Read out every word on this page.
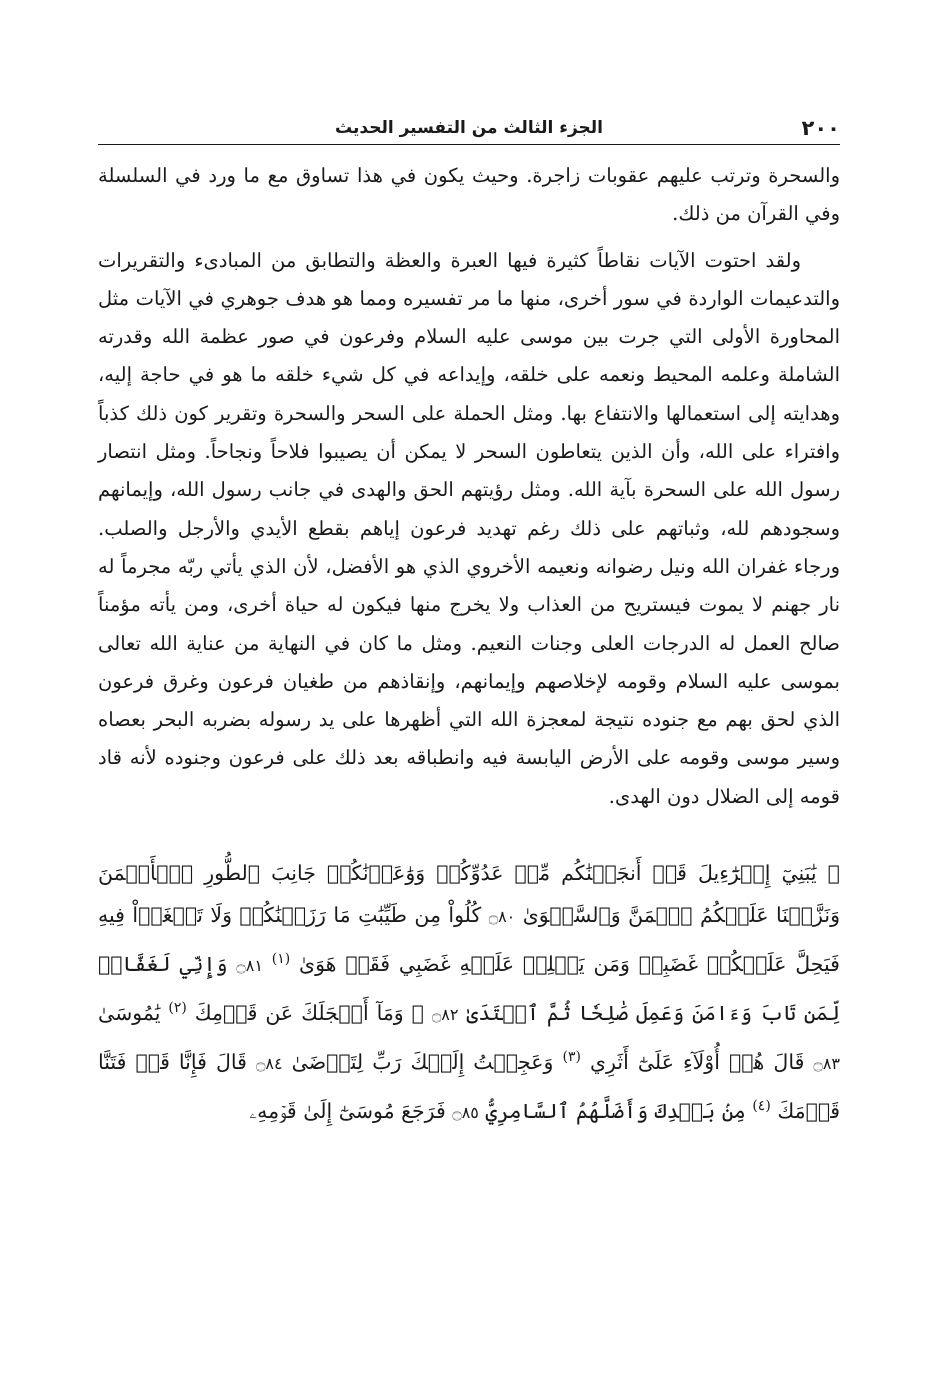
٢٠٠
الجزء الثالث من التفسير الحديث

والسحرة وترتب عليهم عقوبات زاجرة. وحيث يكون في هذا تساوق مع ما ورد في السلسلة وفي القرآن من ذلك.

ولقد احتوت الآيات نقاطاً كثيرة فيها العبرة والعظة والتطابق من المبادىء والتقريرات والتدعيمات الواردة في سور أخرى، منها ما مر تفسيره ومما هو هدف جوهري في الآيات مثل المحاورة الأولى التي جرت بين موسى عليه السلام وفرعون في صور عظمة الله وقدرته الشاملة وعلمه المحيط ونعمه على خلقه، وإيداعه في كل شيء خلقه ما هو في حاجة إليه، وهدايته إلى استعمالها والانتفاع بها. ومثل الحملة على السحر والسحرة وتقرير كون ذلك كذباً وافتراء على الله، وأن الذين يتعاطون السحر لا يمكن أن يصيبوا فلاحاً ونجاحاً. ومثل انتصار رسول الله على السحرة بآية الله. ومثل رؤيتهم الحق والهدى في جانب رسول الله، وإيمانهم وسجودهم لله، وثباتهم على ذلك رغم تهديد فرعون إياهم بقطع الأيدي والأرجل والصلب. ورجاء غفران الله ونيل رضوانه ونعيمه الأخروي الذي هو الأفضل، لأن الذي يأتي ربّه مجرماً له نار جهنم لا يموت فيستريح من العذاب ولا يخرج منها فيكون له حياة أخرى، ومن يأته مؤمناً صالح العمل له الدرجات العلى وجنات النعيم. ومثل ما كان في النهاية من عناية الله تعالى بموسى عليه السلام وقومه لإخلاصهم وإيمانهم، وإنقاذهم من طغيان فرعون وغرق فرعون الذي لحق بهم مع جنوده نتيجة لمعجزة الله التي أظهرها على يد رسوله بضربه البحر بعصاه وسير موسى وقومه على الأرض اليابسة فيه وانطباقه بعد ذلك على فرعون وجنوده لأنه قاد قومه إلى الضلال دون الهدى.

﴿ يَٰبَنِيٓ إِسۡرَٰٓءِيلَ قَدۡ أَنجَيۡنَٰكُم مِّنۡ عَدُوِّكُمۡ وَوَٰعَدۡنَٰكُمۡ جَانِبَ ٱلطُّورِ ٱلۡأَيۡمَنَ وَنَزَّلۡنَا عَلَيۡكُمُ ٱلۡمَنَّ وَٱلسَّلۡوَىٰ ۝٨٠ كُلُواْ مِن طَيِّبَٰتِ مَا رَزَقۡنَٰكُمۡ وَلَا تَطۡغَوۡاْ فِيهِ فَيَحِلَّ عَلَيۡكُمۡ غَضَبِيۖ وَمَن يَحۡلِلۡ عَلَيۡهِ غَضَبِي فَقَدۡ هَوَىٰ $^{(١)}$ ۝٨١ وَإِنِّي لَغَفَّارٞ لِّمَن تَابَ وَءَامَنَ وَعَمِلَ صَٰلِحٗا ثُمَّ ٱهۡتَدَىٰ ۝٨٢ ۞ وَمَآ أَعۡجَلَكَ عَن قَوۡمِكَ $^{(٢)}$ يَٰمُوسَىٰ ۝٨٣ قَالَ هُمۡ أُوْلَآءِ عَلَىٰٓ أَثَرِي $^{(٣)}$ وَعَجِلۡتُ إِلَيۡكَ رَبِّ لِتَرۡضَىٰ ۝٨٤ قَالَ فَإِنَّا قَدۡ فَتَنَّا قَوۡمَكَ $^{(٤)}$ مِنۢ بَعۡدِكَ وَأَضَلَّهُمُ ٱلسَّامِرِيُّ ۝٨٥ فَرَجَعَ مُوسَىٰٓ إِلَىٰ قَوۡمِهِۦ
